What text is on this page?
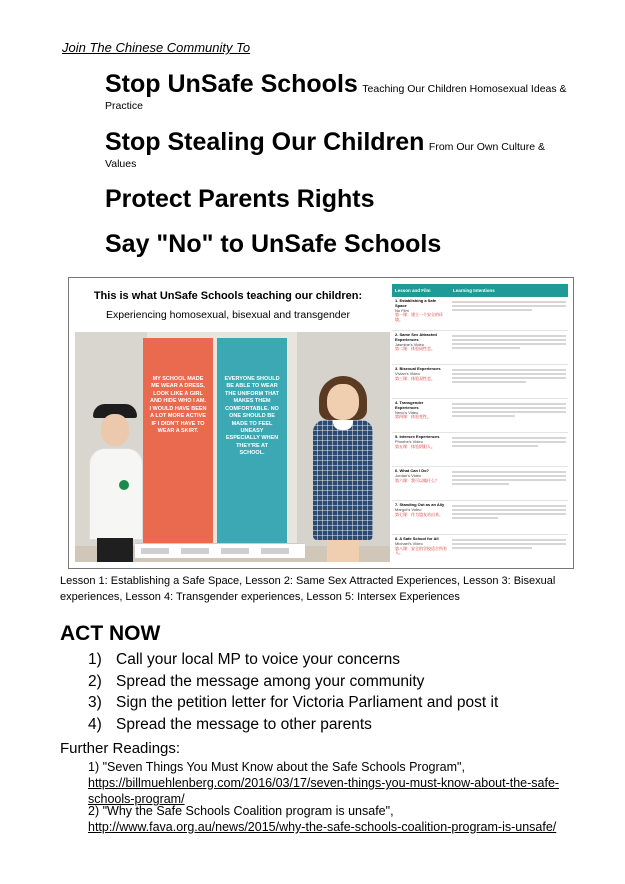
Join The Chinese Community To
Stop UnSafe Schools Teaching Our Children Homosexual Ideas & Practice
Stop Stealing Our Children From Our Own Culture & Values
Protect Parents Rights
Say "No" to UnSafe Schools
This is what UnSafe Schools teaching our children:
Experiencing homosexual, bisexual and transgender
MY SCHOOL MADE ME WEAR A DRESS, LOOK LIKE A GIRL AND HIDE WHO I AM. I WOULD HAVE BEEN A LOT MORE ACTIVE IF I DIDN'T HAVE TO WEAR A SKIRT.
EVERYONE SHOULD BE ABLE TO WEAR THE UNIFORM THAT MAKES THEM COMFORTABLE. NO ONE SHOULD BE MADE TO FEEL UNEASY ESPECIALLY WHEN THEY'RE AT SCHOOL.
Lesson and Film	Learning Intentions
1. Establishing a Safe Space
No Film
第一课：建立一个安全的环境。
2. Same Sex Attracted Experiences
Jasmine's Video
第二课：体验同性恋。
3. Bisexual Experiences
Vivian's Video
第三课：体验双性恋。
4. Transgender Experiences
Nevo's Video
第四课：体验变性。
5. Intersex Experiences
Phoebe's Video
第五课：体验阴阳人。
6. What Can I Do?
Jordan's Video
第六课：我可以做什么？
7. Standing Out as an Ally
Margot's Video
第七课：作为盟友站出来。
8. A Safe School for All
Michael's Video
第八课：安全的学校适合所有人。
Lesson 1: Establishing a Safe Space, Lesson 2: Same Sex Attracted Experiences, Lesson 3: Bisexual experiences, Lesson 4: Transgender experiences, Lesson 5: Intersex Experiences
ACT NOW
1) Call your local MP to voice your concerns
2) Spread the message among your community
3) Sign the petition letter for Victoria Parliament and post it
4) Spread the message to other parents
Further Readings:
1) "Seven Things You Must Know about the Safe Schools Program", https://billmuehlenberg.com/2016/03/17/seven-things-you-must-know-about-the-safe-schools-program/
2) "Why the Safe Schools Coalition program is unsafe", http://www.fava.org.au/news/2015/why-the-safe-schools-coalition-program-is-unsafe/
